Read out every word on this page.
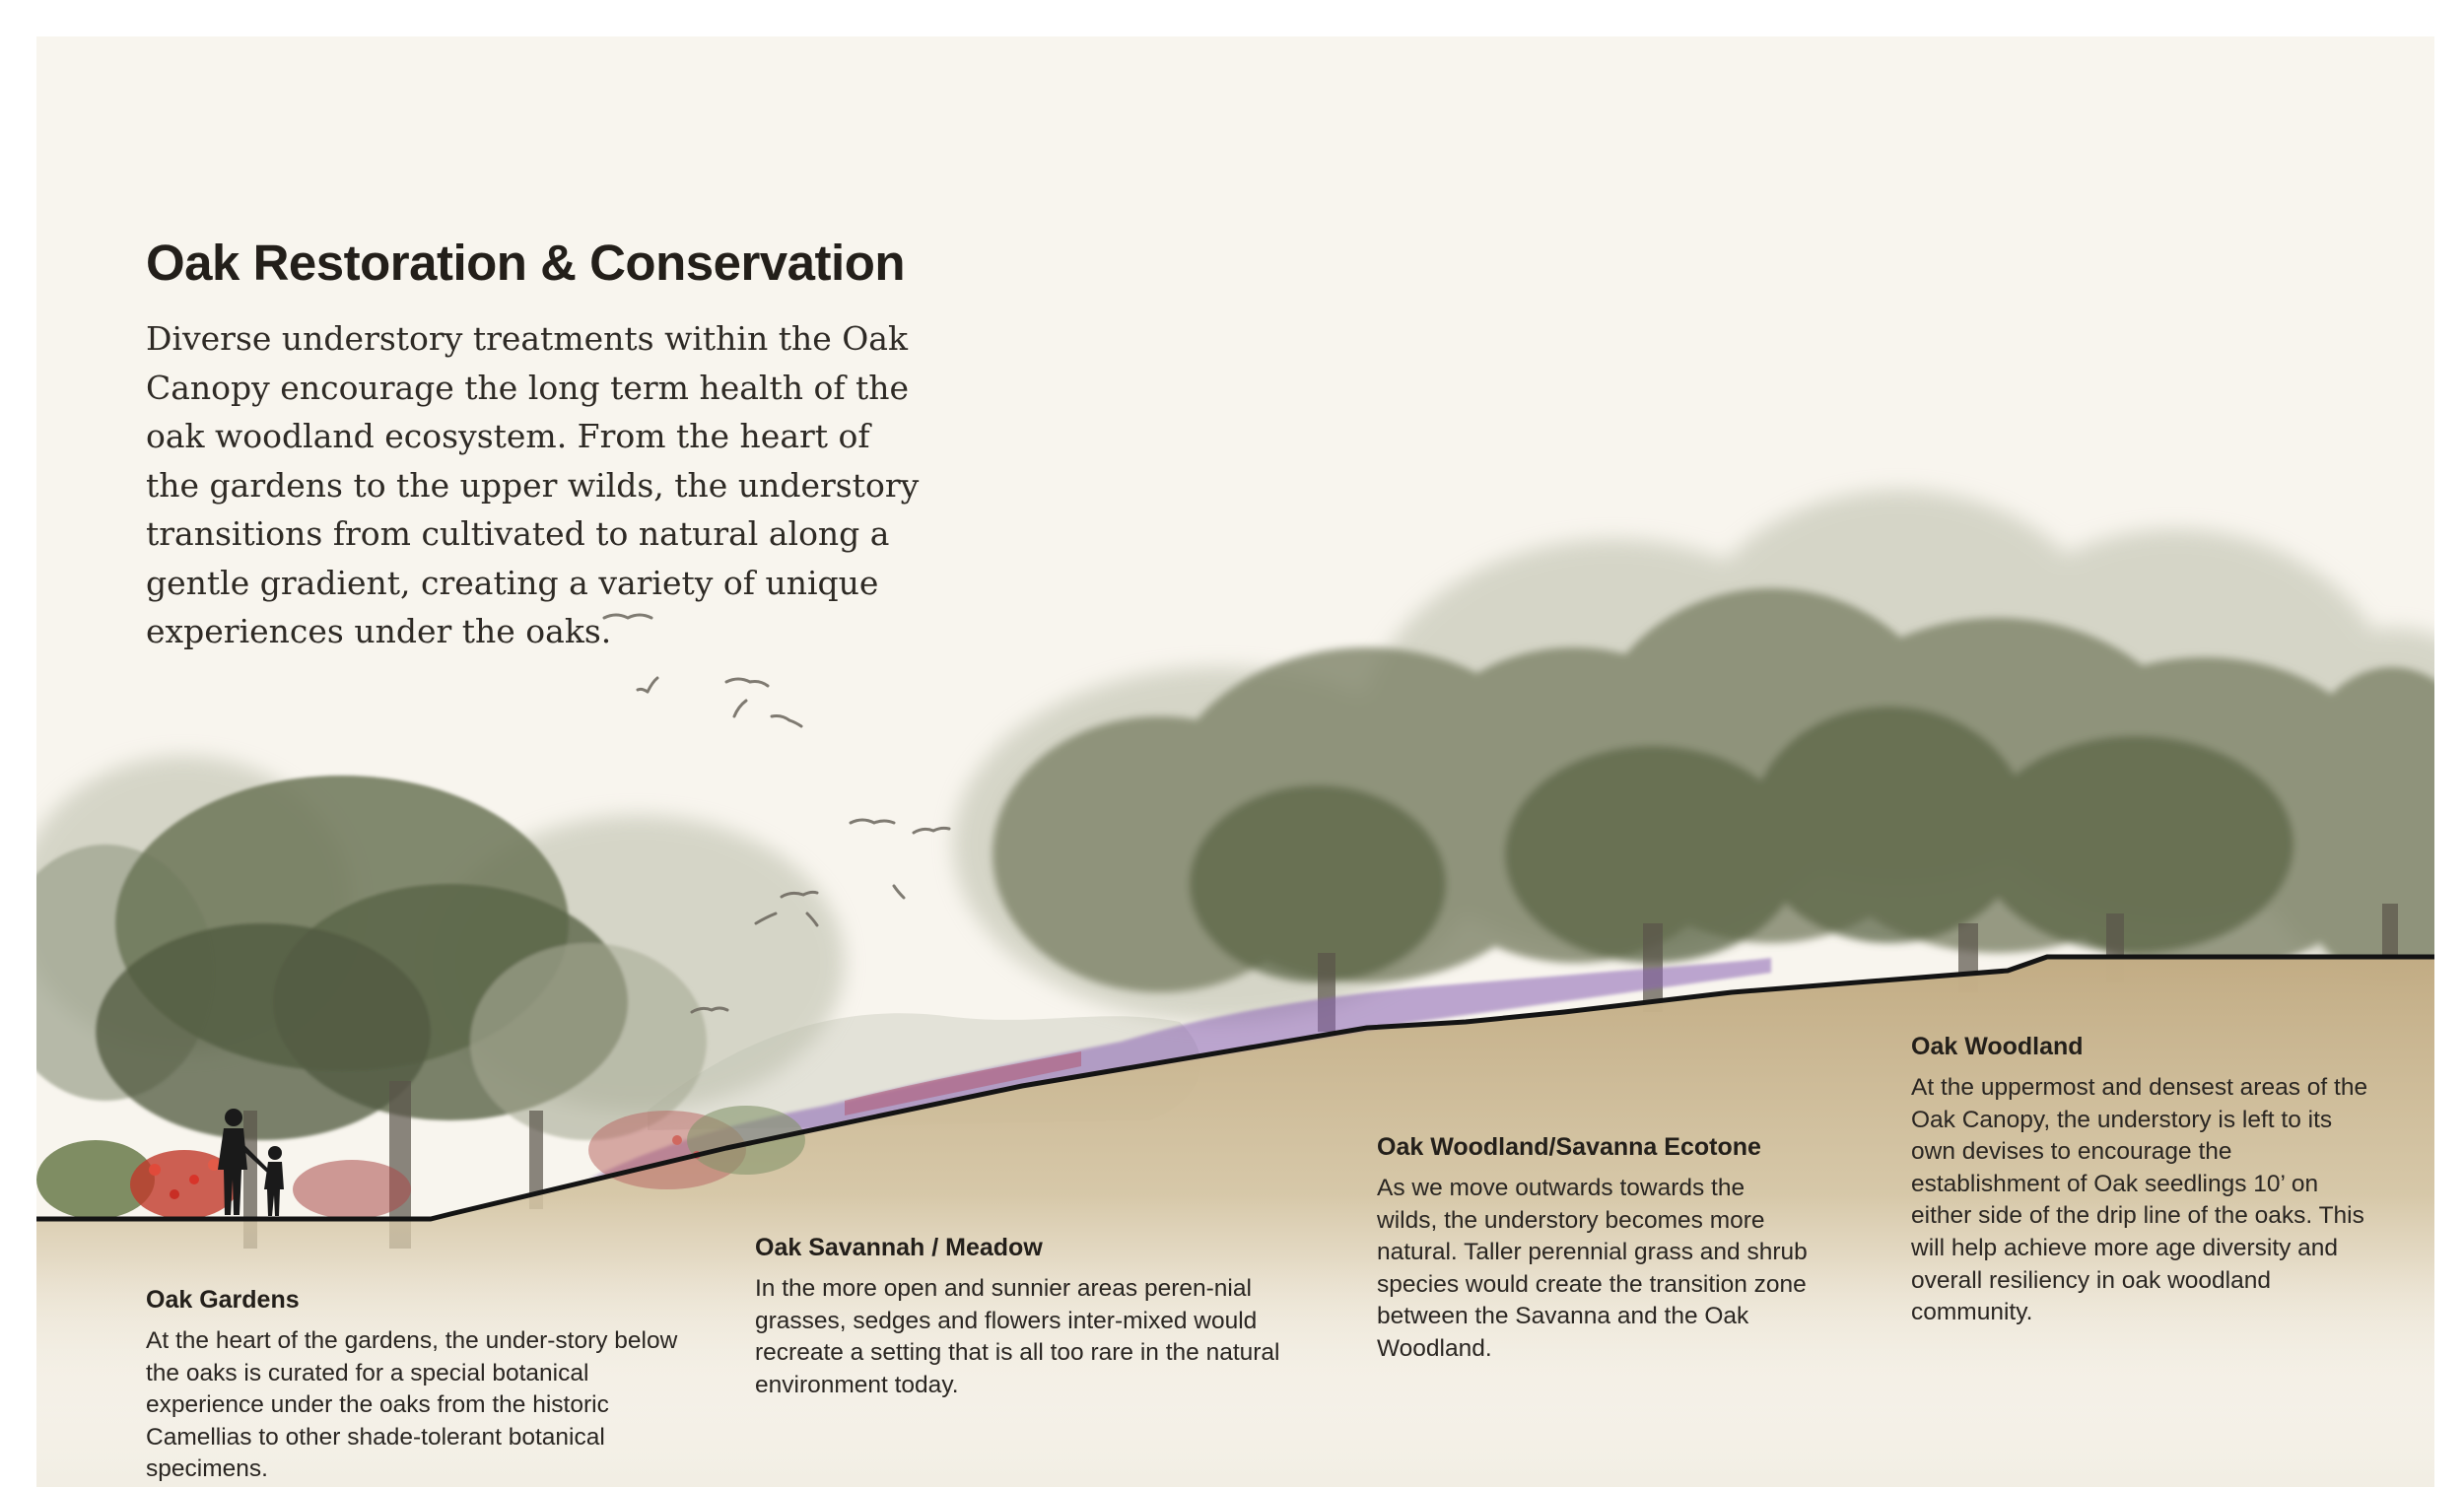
Oak Restoration & Conservation

Diverse understory treatments within the Oak Canopy encourage the long term health of the oak woodland ecosystem. From the heart of the gardens to the upper wilds, the understory transitions from cultivated to natural along a gentle gradient, creating a variety of unique experiences under the oaks.

Oak Gardens

At the heart of the gardens, the under-story below the oaks is curated for a special botanical experience under the oaks from the historic Camellias to other shade-tolerant botanical specimens.

Oak Savannah / Meadow

In the more open and sunnier areas peren-nial grasses, sedges and flowers inter-mixed would recreate a setting that is all too rare in the natural environment today.

Oak Woodland/Savanna Ecotone

As we move outwards towards the wilds, the understory becomes more natural. Taller perennial grass and shrub species would create the transition zone between the Savanna and the Oak Woodland.

Oak Woodland

At the uppermost and densest areas of the Oak Canopy, the understory is left to its own devises to encourage the establishment of Oak seedlings 10’ on either side of the drip line of the oaks. This will help achieve more age diversity and overall resiliency in oak woodland community.
